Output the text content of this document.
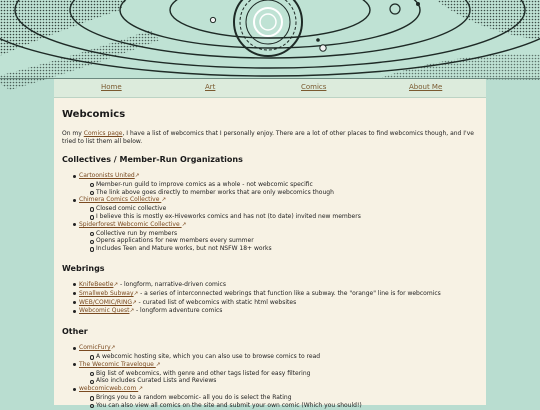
Home	Art	Comics	About Me
Webcomics

On my Comics page, I have a list of webcomics that I personally enjoy. There are a lot of other places to find webcomics though, and I've tried to list them all below.

Collectives / Member-Run Organizations
Cartoonists United↗
Member-run guild to improve comics as a whole - not webcomic specific
The link above goes directly to member works that are only webcomics though
Chimera Comics Collective ↗
Closed comic collective
I believe this is mostly ex-Hiveworks comics and has not (to date) invited new members
Spiderforest Webcomic Collective ↗
Collective run by members
Opens applications for new members every summer
Includes Teen and Mature works, but not NSFW 18+ works
Webrings
KnifeBeetle↗ - longform, narrative-driven comics
Smallweb Subway↗ - a series of interconnected webrings that function like a subway. the "orange" line is for webcomics
WEB/COMIC/RING↗ - curated list of webcomics with static html websites
Webcomic Quest↗ - longform adventure comics
Other
ComicFury↗
A webcomic hosting site, which you can also use to browse comics to read
The Wecomic Travelogue ↗
Big list of webcomics, with genre and other tags listed for easy filtering
Also includes Curated Lists and Reviews
webcomicweb.com ↗
Brings you to a random webcomic- all you do is select the Rating
You can also view all comics on the site and submit your own comic (Which you should!)
